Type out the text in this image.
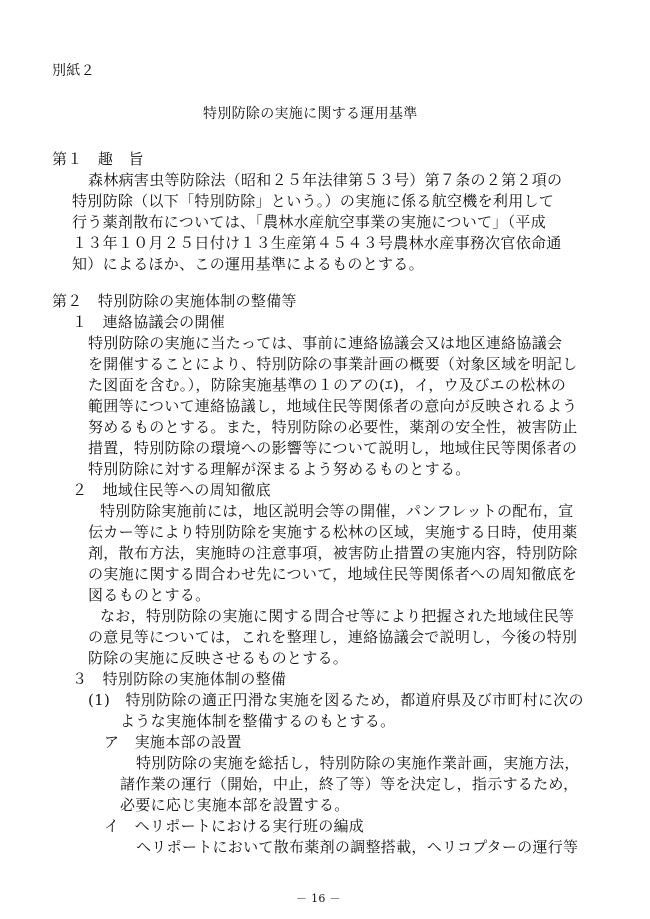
別紙２

特別防除の実施に関する運用基準

第１　趣　旨

森林病害虫等防除法（昭和２５年法律第５３号）第７条の２第２項の

特別防除（以下「特別防除」という。）の実施に係る航空機を利用して

行う薬剤散布については、「農林水産航空事業の実施について」（平成

１３年１０月２５日付け１３生産第４５４３号農林水産事務次官依命通

知）によるほか、この運用基準によるものとする。

第２　特別防除の実施体制の整備等

１　連絡協議会の開催

特別防除の実施に当たっては、事前に連絡協議会又は地区連絡協議会

を開催することにより、特別防除の事業計画の概要（対象区域を明記し

た図面を含む。），防除実施基準の１のアの(ｴ)，イ，ウ及びエの松林の

範囲等について連絡協議し，地域住民等関係者の意向が反映されるよう

努めるものとする。また，特別防除の必要性，薬剤の安全性，被害防止

措置，特別防除の環境への影響等について説明し，地域住民等関係者の

特別防除に対する理解が深まるよう努めるものとする。

２　地域住民等への周知徹底

特別防除実施前には，地区説明会等の開催，パンフレットの配布，宣

伝カー等により特別防除を実施する松林の区域，実施する日時，使用薬

剤，散布方法，実施時の注意事項，被害防止措置の実施内容，特別防除

の実施に関する問合わせ先について，地域住民等関係者への周知徹底を

図るものとする。

なお，特別防除の実施に関する問合せ等により把握された地域住民等

の意見等については，これを整理し，連絡協議会で説明し，今後の特別

防除の実施に反映させるものとする。

３　特別防除の実施体制の整備

(1)　特別防除の適正円滑な実施を図るため，都道府県及び市町村に次の

ような実施体制を整備するのもとする。

ア　実施本部の設置

特別防除の実施を総括し，特別防除の実施作業計画，実施方法，

諸作業の運行（開始，中止，終了等）等を決定し，指示するため，

必要に応じ実施本部を設置する。

イ　ヘリポートにおける実行班の編成

ヘリポートにおいて散布薬剤の調整搭載，ヘリコプターの運行等

－ 16 －
